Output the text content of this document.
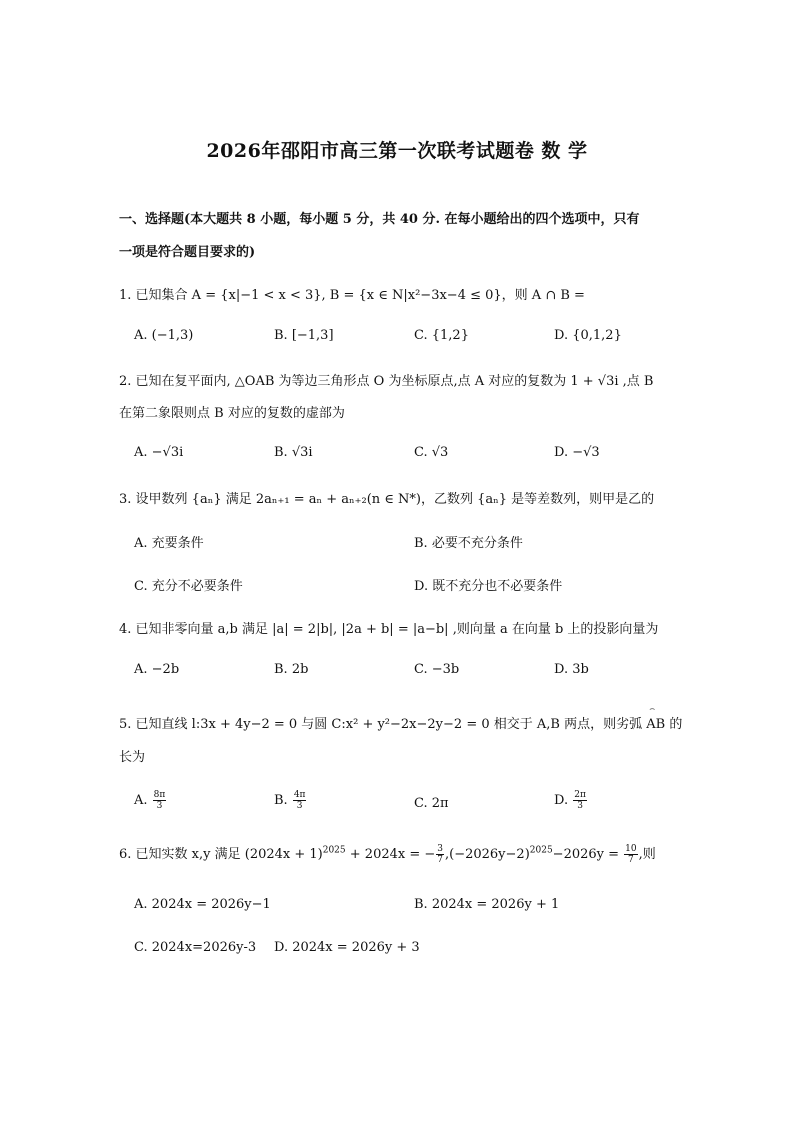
2026年邵阳市高三第一次联考试题卷 数 学
一、选择题(本大题共 8 小题，每小题 5 分，共 40 分. 在每小题给出的四个选项中，只有
一项是符合题目要求的)
1. 已知集合 A = {x|−1 < x < 3}, B = {x ∈ N|x²−3x−4 ≤ 0}，则 A ∩ B =
A. (−1,3)	B. [−1,3]	C. {1,2}	D. {0,1,2}
2. 已知在复平面内, △OAB 为等边三角形点 O 为坐标原点,点 A 对应的复数为 1 + √3i ,点 B
在第二象限则点 B 对应的复数的虚部为
A. −√3i	B. √3i	C. √3	D. −√3
3. 设甲数列 {aₙ} 满足 2aₙ₊₁ = aₙ + aₙ₊₂(n ∈ N*)，乙数列 {aₙ} 是等差数列，则甲是乙的
A. 充要条件	B. 必要不充分条件
C. 充分不必要条件	D. 既不充分也不必要条件
4. 已知非零向量 a,b 满足 |a| = 2|b|, |2a + b| = |a−b| ,则向量 a 在向量 b 上的投影向量为
A. −2b	B. 2b	C. −3b	D. 3b
5. 已知直线 l:3x + 4y−2 = 0 与圆 C:x² + y²−2x−2y−2 = 0 相交于 A,B 两点，则劣弧 ⌢ AB 的
长为
A. $\frac{8\pi}{3}$	B. $\frac{4\pi}{3}$	C. 2π	D. $\frac{2\pi}{3}$
6. 已知实数 x,y 满足 $(2024x + 1)^{2025} + 2024x$ = − $\frac{3}{7} ,(-2026y-2)^{2025}-2026y = \frac{10}{7}$ ,则
A. 2024x = 2026y−1	B. 2024x = 2026y + 1
C. 2024x=2026y-3 D. 2024x = 2026y + 3
